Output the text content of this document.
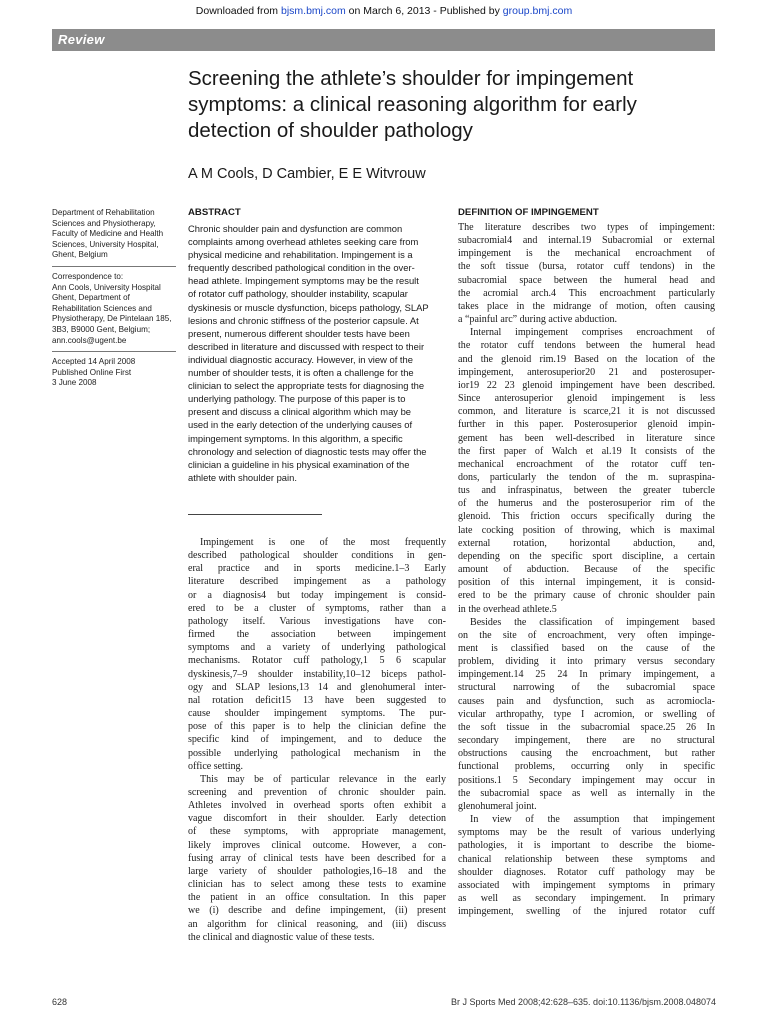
Downloaded from bjsm.bmj.com on March 6, 2013 - Published by group.bmj.com
Review
Screening the athlete’s shoulder for impingement
symptoms: a clinical reasoning algorithm for early
detection of shoulder pathology
A M Cools, D Cambier, E E Witvrouw
Department of Rehabilitation
Sciences and Physiotherapy,
Faculty of Medicine and Health
Sciences, University Hospital,
Ghent, Belgium
Correspondence to:
Ann Cools, University Hospital
Ghent, Department of
Rehabilitation Sciences and
Physiotherapy, De Pintelaan 185,
3B3, B9000 Gent, Belgium;
ann.cools@ugent.be
Accepted 14 April 2008
Published Online First
3 June 2008
ABSTRACT
Chronic shoulder pain and dysfunction are common
complaints among overhead athletes seeking care from
physical medicine and rehabilitation. Impingement is a
frequently described pathological condition in the over-
head athlete. Impingement symptoms may be the result
of rotator cuff pathology, shoulder instability, scapular
dyskinesis or muscle dysfunction, biceps pathology, SLAP
lesions and chronic stiffness of the posterior capsule. At
present, numerous different shoulder tests have been
described in literature and discussed with respect to their
individual diagnostic accuracy. However, in view of the
number of shoulder tests, it is often a challenge for the
clinician to select the appropriate tests for diagnosing the
underlying pathology. The purpose of this paper is to
present and discuss a clinical algorithm which may be
used in the early detection of the underlying causes of
impingement symptoms. In this algorithm, a specific
chronology and selection of diagnostic tests may offer the
clinician a guideline in his physical examination of the
athlete with shoulder pain.
Impingement is one of the most frequently
described pathological shoulder conditions in gen-
eral practice and in sports medicine.1–3 Early
literature described impingement as a pathology
or a diagnosis4 but today impingement is consid-
ered to be a cluster of symptoms, rather than a
pathology itself. Various investigations have con-
firmed the association between impingement
symptoms and a variety of underlying pathological
mechanisms. Rotator cuff pathology,1 5 6 scapular
dyskinesis,7–9 shoulder instability,10–12 biceps pathol-
ogy and SLAP lesions,13 14 and glenohumeral inter-
nal rotation deficit15 13 have been suggested to
cause shoulder impingement symptoms. The pur-
pose of this paper is to help the clinician define the
specific kind of impingement, and to deduce the
possible underlying pathological mechanism in the
office setting.
This may be of particular relevance in the early
screening and prevention of chronic shoulder pain.
Athletes involved in overhead sports often exhibit a
vague discomfort in their shoulder. Early detection
of these symptoms, with appropriate management,
likely improves clinical outcome. However, a con-
fusing array of clinical tests have been described for a
large variety of shoulder pathologies,16–18 and the
clinician has to select among these tests to examine
the patient in an office consultation. In this paper
we (i) describe and define impingement, (ii) present
an algorithm for clinical reasoning, and (iii) discuss
the clinical and diagnostic value of these tests.
DEFINITION OF IMPINGEMENT
The literature describes two types of impingement:
subacromial4 and internal.19 Subacromial or external
impingement is the mechanical encroachment of
the soft tissue (bursa, rotator cuff tendons) in the
subacromial space between the humeral head and
the acromial arch.4 This encroachment particularly
takes place in the midrange of motion, often causing
a “painful arc” during active abduction.
Internal impingement comprises encroachment of
the rotator cuff tendons between the humeral head
and the glenoid rim.19 Based on the location of the
impingement, anterosuperior20 21 and posterosuper-
ior19 22 23 glenoid impingement have been described.
Since anterosuperior glenoid impingement is less
common, and literature is scarce,21 it is not discussed
further in this paper. Posterosuperior glenoid impin-
gement has been well-described in literature since
the first paper of Walch et al.19 It consists of the
mechanical encroachment of the rotator cuff ten-
dons, particularly the tendon of the m. supraspina-
tus and infraspinatus, between the greater tubercle
of the humerus and the posterosuperior rim of the
glenoid. This friction occurs specifically during the
late cocking position of throwing, which is maximal
external rotation, horizontal abduction, and,
depending on the specific sport discipline, a certain
amount of abduction. Because of the specific
position of this internal impingement, it is consid-
ered to be the primary cause of chronic shoulder pain
in the overhead athlete.5
Besides the classification of impingement based
on the site of encroachment, very often impinge-
ment is classified based on the cause of the
problem, dividing it into primary versus secondary
impingement.14 25 24 In primary impingement, a
structural narrowing of the subacromial space
causes pain and dysfunction, such as acromiocla-
vicular arthropathy, type I acromion, or swelling of
the soft tissue in the subacromial space.25 26 In
secondary impingement, there are no structural
obstructions causing the encroachment, but rather
functional problems, occurring only in specific
positions.1 5 Secondary impingement may occur in
the subacromial space as well as internally in the
glenohumeral joint.
In view of the assumption that impingement
symptoms may be the result of various underlying
pathologies, it is important to describe the biome-
chanical relationship between these symptoms and
shoulder diagnoses. Rotator cuff pathology may be
associated with impingement symptoms in primary
as well as secondary impingement. In primary
impingement, swelling of the injured rotator cuff
628	Br J Sports Med 2008;42:628–635. doi:10.1136/bjsm.2008.048074
